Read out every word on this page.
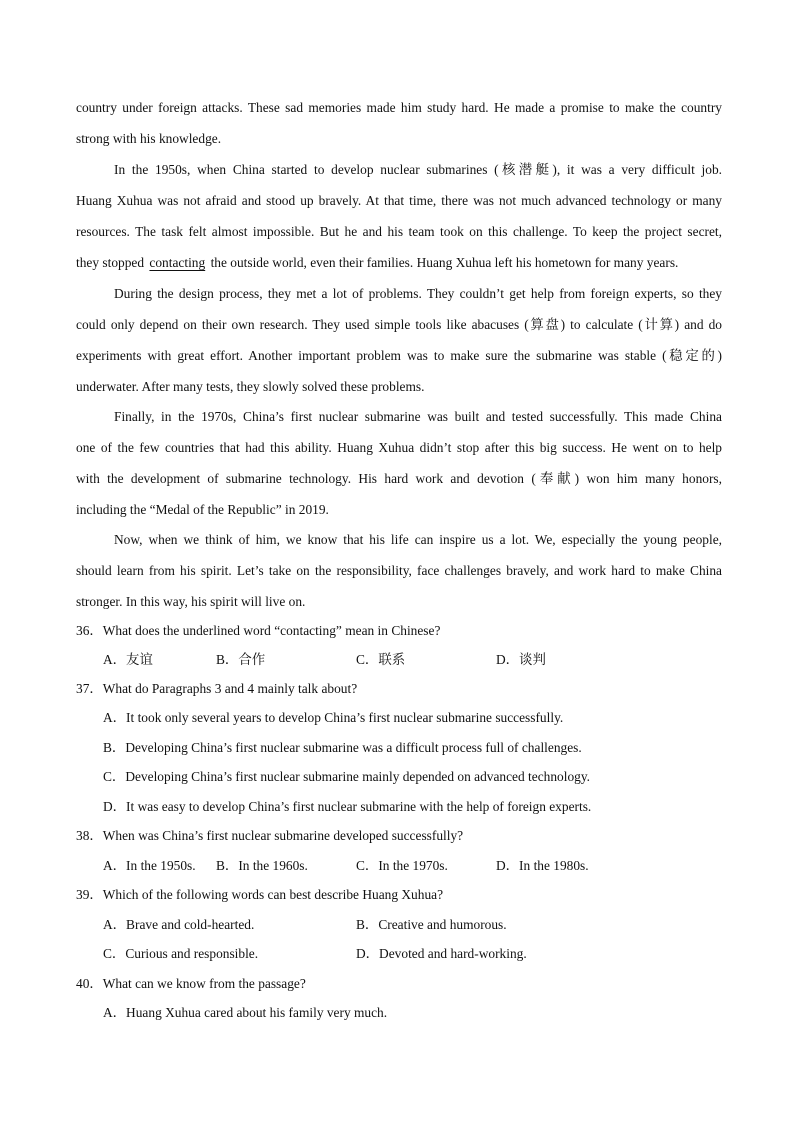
country under foreign attacks. These sad memories made him study hard. He made a promise to make the country
strong with his knowledge.
In the 1950s, when China started to develop nuclear submarines (核潜艇), it was a very difficult job.
Huang Xuhua was not afraid and stood up bravely. At that time, there was not much advanced technology or many
resources. The task felt almost impossible. But he and his team took on this challenge. To keep the project secret,
they stopped contacting the outside world, even their families. Huang Xuhua left his hometown for many years.
During the design process, they met a lot of problems. They couldn’t get help from foreign experts, so they
could only depend on their own research. They used simple tools like abacuses (算盘) to calculate (计算) and do
experiments with great effort. Another important problem was to make sure the submarine was stable (稳定的)
underwater. After many tests, they slowly solved these problems.
Finally, in the 1970s, China’s first nuclear submarine was built and tested successfully. This made China
one of the few countries that had this ability. Huang Xuhua didn’t stop after this big success. He went on to help
with the development of submarine technology. His hard work and devotion (奉献) won him many honors,
including the “Medal of the Republic” in 2019.
Now, when we think of him, we know that his life can inspire us a lot. We, especially the young people,
should learn from his spirit. Let’s take on the responsibility, face challenges bravely, and work hard to make China
stronger. In this way, his spirit will live on.
36．What does the underlined word “contacting” mean in Chinese?
A．友谊	B．合作	C．联系	D．谈判
37．What do Paragraphs 3 and 4 mainly talk about?
A．It took only several years to develop China’s first nuclear submarine successfully.
B．Developing China’s first nuclear submarine was a difficult process full of challenges.
C．Developing China’s first nuclear submarine mainly depended on advanced technology.
D．It was easy to develop China’s first nuclear submarine with the help of foreign experts.
38．When was China’s first nuclear submarine developed successfully?
A．In the 1950s. B．In the 1960s.	C．In the 1970s.	D．In the 1980s.
39．Which of the following words can best describe Huang Xuhua?
A．Brave and cold-hearted.	B．Creative and humorous.
C．Curious and responsible.	D．Devoted and hard-working.
40．What can we know from the passage?
A．Huang Xuhua cared about his family very much.
